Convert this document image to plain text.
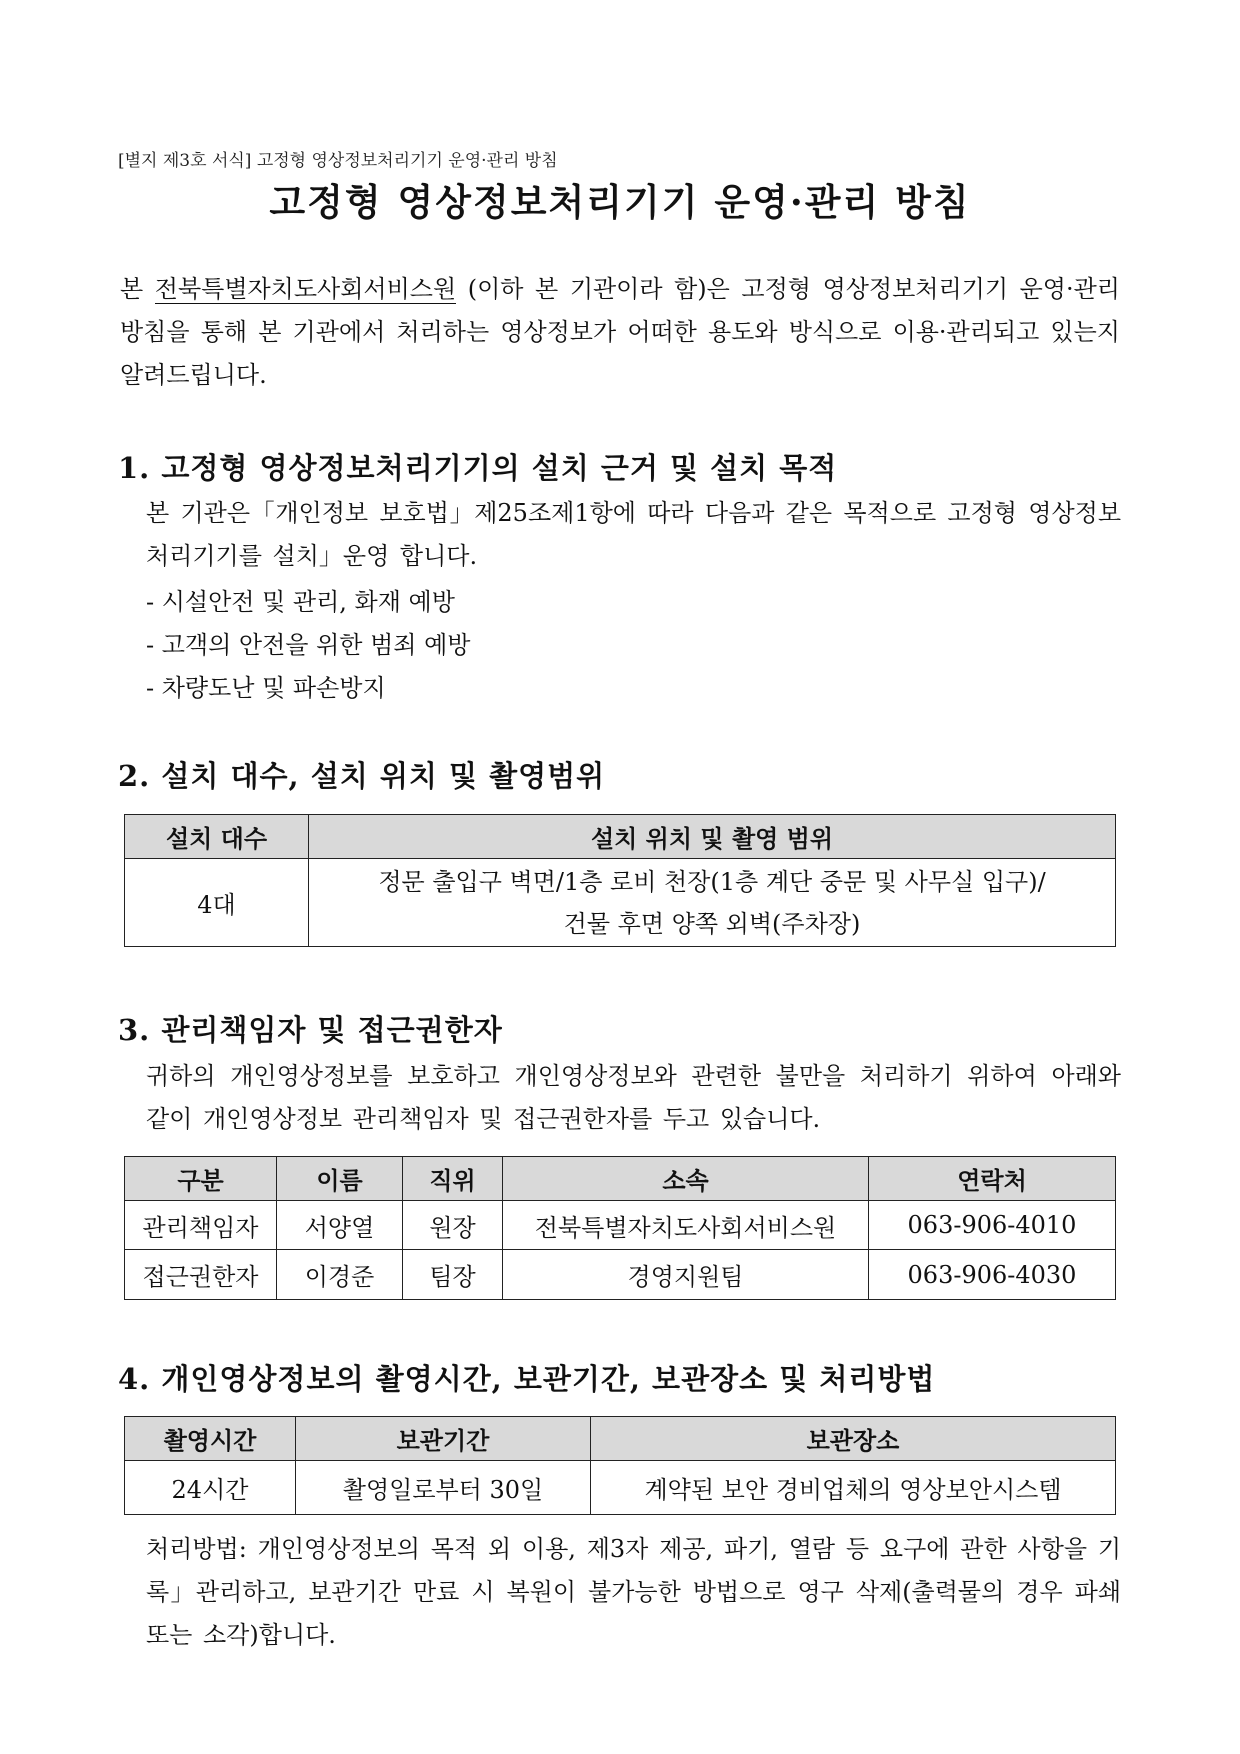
[별지 제3호 서식] 고정형 영상정보처리기기 운영·관리 방침
고정형 영상정보처리기기 운영·관리 방침
본 전북특별자치도사회서비스원 (이하 본 기관이라 함)은 고정형 영상정보처리기기 운영·관리 방침을 통해 본 기관에서 처리하는 영상정보가 어떠한 용도와 방식으로 이용·관리되고 있는지 알려드립니다.
1. 고정형 영상정보처리기기의 설치 근거 및 설치 목적
본 기관은「개인정보 보호법」제25조제1항에 따라 다음과 같은 목적으로 고정형 영상정보처리기기를 설치」운영 합니다.
- 시설안전 및 관리, 화재 예방
- 고객의 안전을 위한 범죄 예방
- 차량도난 및 파손방지
2. 설치 대수, 설치 위치 및 촬영범위
설치 대수	설치 위치 및 촬영 범위
4대	정문 출입구 벽면/1층 로비 천장(1층 계단 중문 및 사무실 입구)/
건물 후면 양쪽 외벽(주차장)
3. 관리책임자 및 접근권한자
귀하의 개인영상정보를 보호하고 개인영상정보와 관련한 불만을 처리하기 위하여 아래와 같이 개인영상정보 관리책임자 및 접근권한자를 두고 있습니다.
구분	이름	직위	소속	연락처
관리책임자	서양열	원장	전북특별자치도사회서비스원	063-906-4010
접근권한자	이경준	팀장	경영지원팀	063-906-4030
4. 개인영상정보의 촬영시간, 보관기간, 보관장소 및 처리방법
촬영시간	보관기간	보관장소
24시간	촬영일로부터 30일	계약된 보안 경비업체의 영상보안시스템
처리방법: 개인영상정보의 목적 외 이용, 제3자 제공, 파기, 열람 등 요구에 관한 사항을 기록」관리하고, 보관기간 만료 시 복원이 불가능한 방법으로 영구 삭제(출력물의 경우 파쇄 또는 소각)합니다.
